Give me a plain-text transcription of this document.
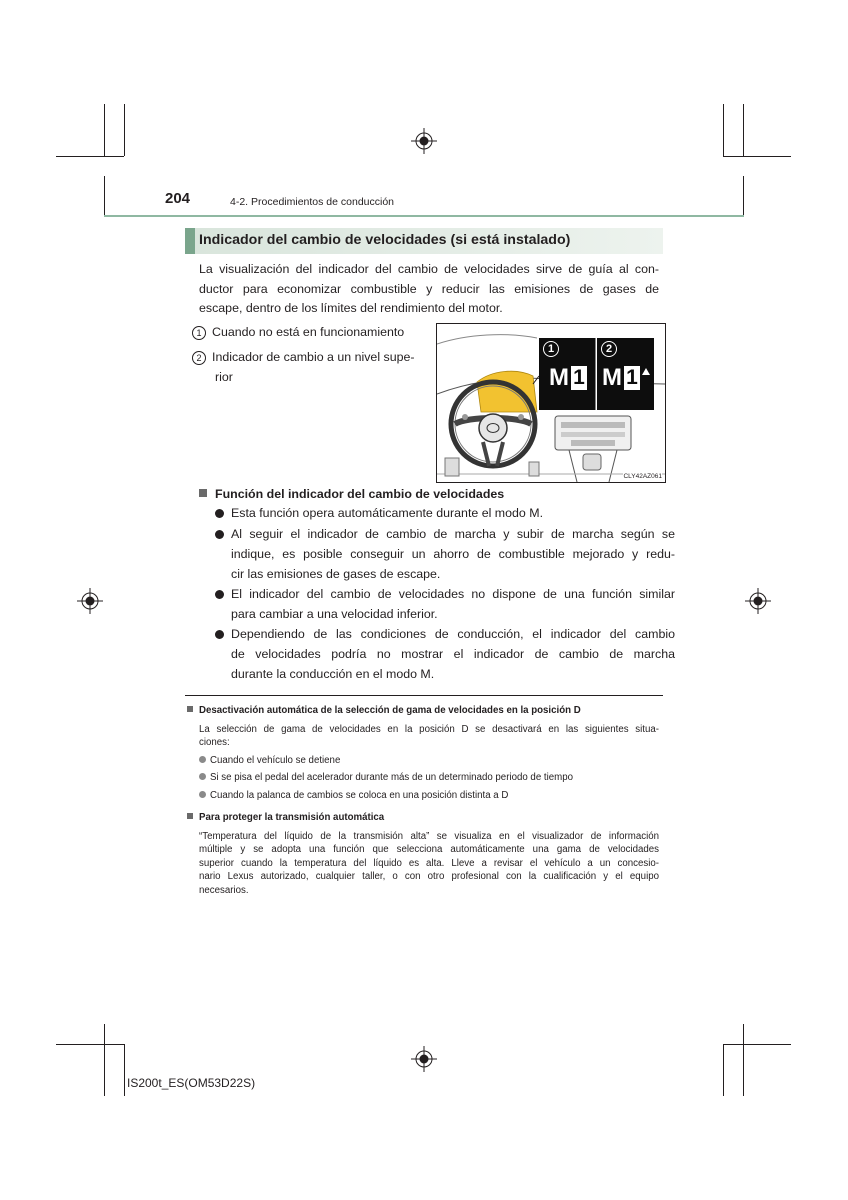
204	4-2. Procedimientos de conducción
Indicador del cambio de velocidades (si está instalado)
La visualización del indicador del cambio de velocidades sirve de guía al con-
ductor para economizar combustible y reducir las emisiones de gases de
escape, dentro de los límites del rendimiento del motor.
1 Cuando no está en funcionamiento
2 Indicador de cambio a un nivel supe-
rior
1	2
M 1 M 1
CLY42AZ061
Función del indicador del cambio de velocidades
Esta función opera automáticamente durante el modo M.
Al seguir el indicador de cambio de marcha y subir de marcha según se
indique, es posible conseguir un ahorro de combustible mejorado y redu-
cir las emisiones de gases de escape.
El indicador del cambio de velocidades no dispone de una función similar
para cambiar a una velocidad inferior.
Dependiendo de las condiciones de conducción, el indicador del cambio
de velocidades podría no mostrar el indicador de cambio de marcha
durante la conducción en el modo M.
Desactivación automática de la selección de gama de velocidades en la posición D
La selección de gama de velocidades en la posición D se desactivará en las siguientes situa-
ciones:
Cuando el vehículo se detiene
Si se pisa el pedal del acelerador durante más de un determinado periodo de tiempo
Cuando la palanca de cambios se coloca en una posición distinta a D
Para proteger la transmisión automática
“Temperatura del líquido de la transmisión alta” se visualiza en el visualizador de información
múltiple y se adopta una función que selecciona automáticamente una gama de velocidades
superior cuando la temperatura del líquido es alta. Lleve a revisar el vehículo a un concesio-
nario Lexus autorizado, cualquier taller, o con otro profesional con la cualificación y el equipo
necesarios.
IS200t_ES(OM53D22S)
